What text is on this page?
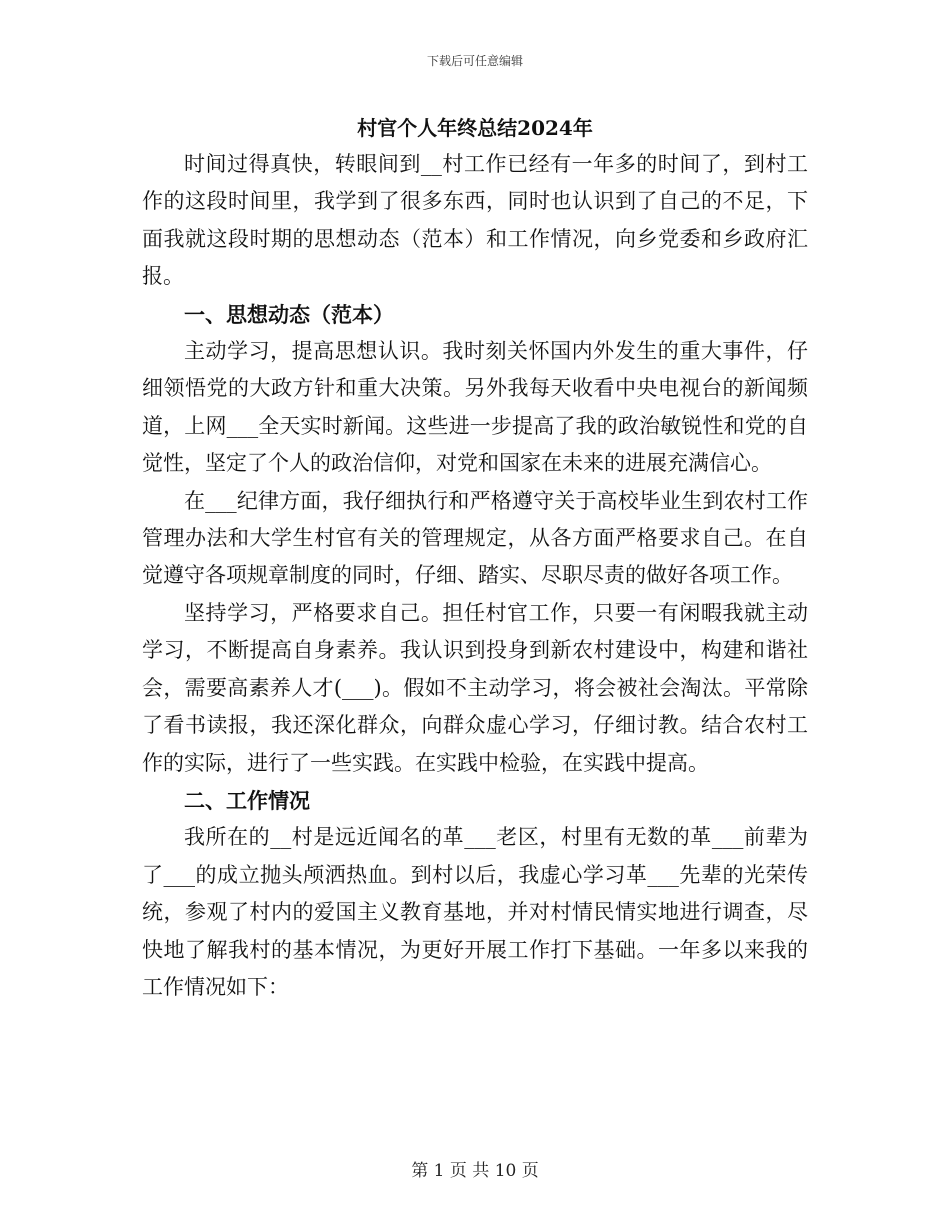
下载后可任意编辑
村官个人年终总结2024年

时间过得真快，转眼间到__村工作已经有一年多的时间了，到村工作的这段时间里，我学到了很多东西，同时也认识到了自己的不足，下面我就这段时期的思想动态（范本）和工作情况，向乡党委和乡政府汇报。

一、思想动态（范本）

主动学习，提高思想认识。我时刻关怀国内外发生的重大事件，仔细领悟党的大政方针和重大决策。另外我每天收看中央电视台的新闻频道，上网___全天实时新闻。这些进一步提高了我的政治敏锐性和党的自觉性，坚定了个人的政治信仰，对党和国家在未来的进展充满信心。

在___纪律方面，我仔细执行和严格遵守关于高校毕业生到农村工作管理办法和大学生村官有关的管理规定，从各方面严格要求自己。在自觉遵守各项规章制度的同时，仔细、踏实、尽职尽责的做好各项工作。

坚持学习，严格要求自己。担任村官工作，只要一有闲暇我就主动学习，不断提高自身素养。我认识到投身到新农村建设中，构建和谐社会，需要高素养人才(___)。假如不主动学习，将会被社会淘汰。平常除了看书读报，我还深化群众，向群众虚心学习，仔细讨教。结合农村工作的实际，进行了一些实践。在实践中检验，在实践中提高。

二、工作情况

我所在的__村是远近闻名的革___老区，村里有无数的革___前辈为了___的成立抛头颅洒热血。到村以后，我虚心学习革___先辈的光荣传统，参观了村内的爱国主义教育基地，并对村情民情实地进行调查，尽快地了解我村的基本情况，为更好开展工作打下基础。一年多以来我的工作情况如下：

第 1 页 共 10 页
